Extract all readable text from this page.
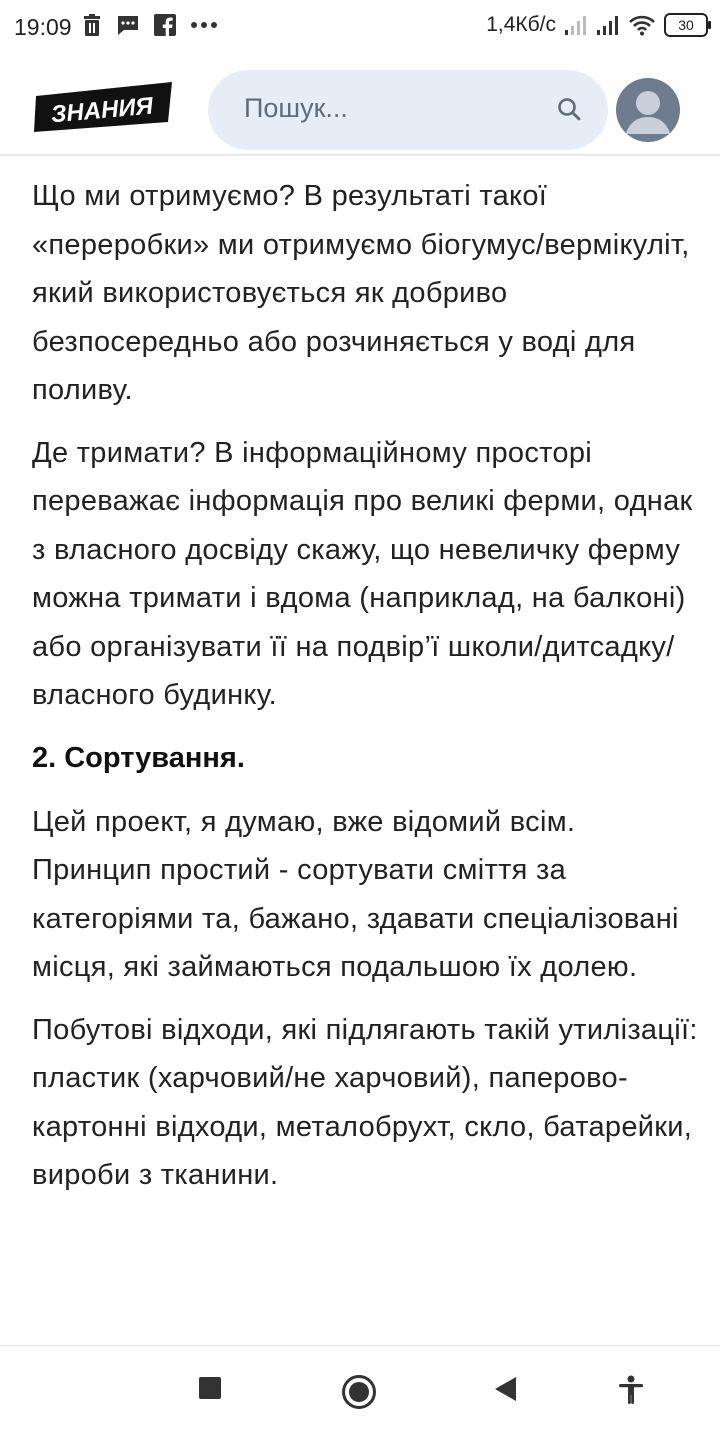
19:09	1,4Кб/с	30
ЗНАНИЯ	Пошук...

Що ми отримуємо? В результаті такої «переробки» ми отримуємо біогумус/вермікуліт, який використовується як добриво безпосередньо або розчиняється у воді для поливу.

Де тримати? В інформаційному просторі переважає інформація про великі ферми, однак з власного досвіду скажу, що невеличку ферму можна тримати і вдома (наприклад, на балконі) або організувати її на подвір’ї школи/дитсадку/власного будинку.

2. Сортування.

Цей проект, я думаю, вже відомий всім. Принцип простий - сортувати сміття за категоріями та, бажано, здавати спеціалізовані місця, які займаються подальшою їх долею.

Побутові відходи, які підлягають такій утилізації: пластик (харчовий/не харчовий), паперово-картонні відходи, металобрухт, скло, батарейки, вироби з тканини.
